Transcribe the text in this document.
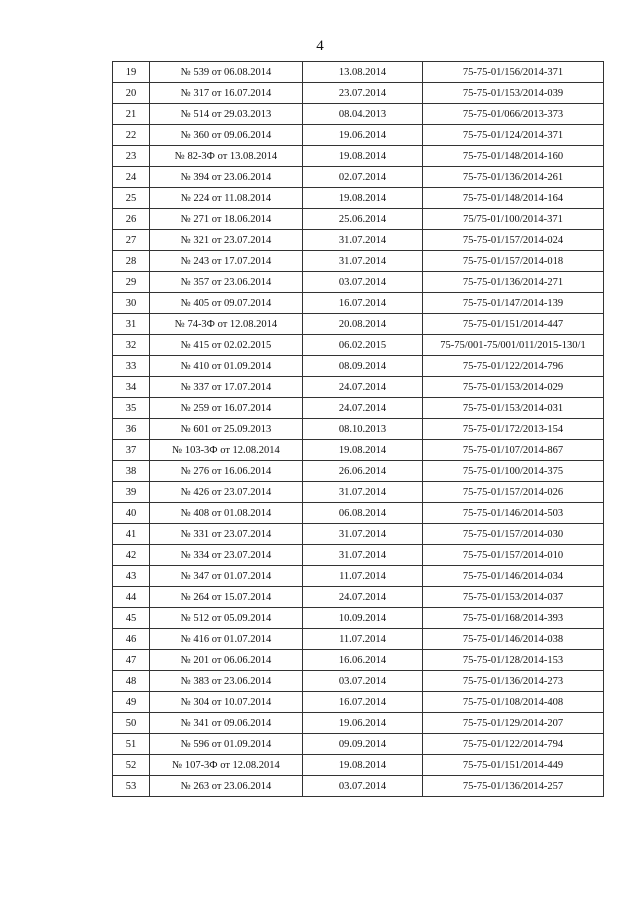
4
19	№ 539 от 06.08.2014	13.08.2014	75-75-01/156/2014-371
20	№ 317 от 16.07.2014	23.07.2014	75-75-01/153/2014-039
21	№ 514 от 29.03.2013	08.04.2013	75-75-01/066/2013-373
22	№ 360 от 09.06.2014	19.06.2014	75-75-01/124/2014-371
23	№ 82-3Ф от 13.08.2014	19.08.2014	75-75-01/148/2014-160
24	№ 394 от 23.06.2014	02.07.2014	75-75-01/136/2014-261
25	№ 224 от 11.08.2014	19.08.2014	75-75-01/148/2014-164
26	№ 271 от 18.06.2014	25.06.2014	75/75-01/100/2014-371
27	№ 321 от 23.07.2014	31.07.2014	75-75-01/157/2014-024
28	№ 243 от 17.07.2014	31.07.2014	75-75-01/157/2014-018
29	№ 357 от 23.06.2014	03.07.2014	75-75-01/136/2014-271
30	№ 405 от 09.07.2014	16.07.2014	75-75-01/147/2014-139
31	№ 74-3Ф от 12.08.2014	20.08.2014	75-75-01/151/2014-447
32	№ 415 от 02.02.2015	06.02.2015	75-75/001-75/001/011/2015-130/1
33	№ 410 от 01.09.2014	08.09.2014	75-75-01/122/2014-796
34	№ 337 от 17.07.2014	24.07.2014	75-75-01/153/2014-029
35	№ 259 от 16.07.2014	24.07.2014	75-75-01/153/2014-031
36	№ 601 от 25.09.2013	08.10.2013	75-75-01/172/2013-154
37	№ 103-3Ф от 12.08.2014	19.08.2014	75-75-01/107/2014-867
38	№ 276 от 16.06.2014	26.06.2014	75-75-01/100/2014-375
39	№ 426 от 23.07.2014	31.07.2014	75-75-01/157/2014-026
40	№ 408 от 01.08.2014	06.08.2014	75-75-01/146/2014-503
41	№ 331 от 23.07.2014	31.07.2014	75-75-01/157/2014-030
42	№ 334 от 23.07.2014	31.07.2014	75-75-01/157/2014-010
43	№ 347 от 01.07.2014	11.07.2014	75-75-01/146/2014-034
44	№ 264 от 15.07.2014	24.07.2014	75-75-01/153/2014-037
45	№ 512 от 05.09.2014	10.09.2014	75-75-01/168/2014-393
46	№ 416 от 01.07.2014	11.07.2014	75-75-01/146/2014-038
47	№ 201 от 06.06.2014	16.06.2014	75-75-01/128/2014-153
48	№ 383 от 23.06.2014	03.07.2014	75-75-01/136/2014-273
49	№ 304 от 10.07.2014	16.07.2014	75-75-01/108/2014-408
50	№ 341 от 09.06.2014	19.06.2014	75-75-01/129/2014-207
51	№ 596 от 01.09.2014	09.09.2014	75-75-01/122/2014-794
52	№ 107-3Ф от 12.08.2014	19.08.2014	75-75-01/151/2014-449
53	№ 263 от 23.06.2014	03.07.2014	75-75-01/136/2014-257
